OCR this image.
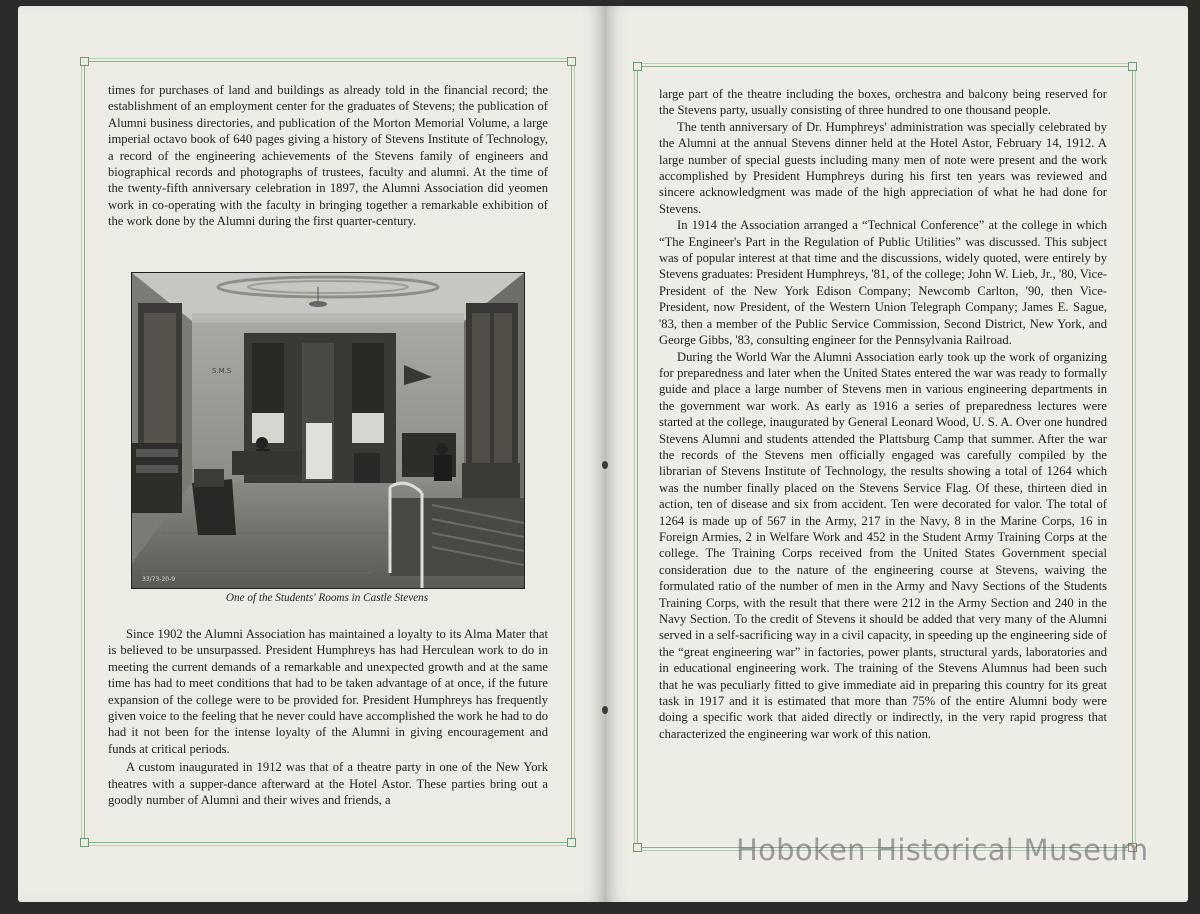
times for purchases of land and buildings as already told in the financial record; the establishment of an employment center for the graduates of Stevens; the publication of Alumni business directories, and publication of the Morton Memorial Volume, a large imperial octavo book of 640 pages giving a history of Stevens Institute of Technology, a record of the engineering achievements of the Stevens family of engineers and biographical records and photographs of trustees, faculty and alumni. At the time of the twenty-fifth anniversary celebration in 1897, the Alumni Association did yeomen work in co-operating with the faculty in bringing together a remarkable exhibition of the work done by the Alumni during the first quarter-century.

S.M.S
33/73-20-9
One of the Students' Rooms in Castle Stevens

Since 1902 the Alumni Association has maintained a loyalty to its Alma Mater that is believed to be unsurpassed. President Humphreys has had Herculean work to do in meeting the current demands of a remarkable and unexpected growth and at the same time has had to meet conditions that had to be taken advantage of at once, if the future expansion of the college were to be provided for. President Humphreys has frequently given voice to the feeling that he never could have accomplished the work he had to do had it not been for the intense loyalty of the Alumni in giving encouragement and funds at critical periods.

A custom inaugurated in 1912 was that of a theatre party in one of the New York theatres with a supper-dance afterward at the Hotel Astor. These parties bring out a goodly number of Alumni and their wives and friends, a

large part of the theatre including the boxes, orchestra and balcony being reserved for the Stevens party, usually consisting of three hundred to one thousand people.

The tenth anniversary of Dr. Humphreys' administration was specially celebrated by the Alumni at the annual Stevens dinner held at the Hotel Astor, February 14, 1912. A large number of special guests including many men of note were present and the work accomplished by President Humphreys during his first ten years was reviewed and sincere acknowledgment was made of the high appreciation of what he had done for Stevens.

In 1914 the Association arranged a “Technical Conference” at the college in which “The Engineer's Part in the Regulation of Public Utilities” was discussed. This subject was of popular interest at that time and the discussions, widely quoted, were entirely by Stevens graduates: President Humphreys, '81, of the college; John W. Lieb, Jr., '80, Vice-President of the New York Edison Company; Newcomb Carlton, '90, then Vice-President, now President, of the Western Union Telegraph Company; James E. Sague, '83, then a member of the Public Service Commission, Second District, New York, and George Gibbs, '83, consulting engineer for the Pennsylvania Railroad.

During the World War the Alumni Association early took up the work of organizing for preparedness and later when the United States entered the war was ready to formally guide and place a large number of Stevens men in various engineering departments in the government war work. As early as 1916 a series of preparedness lectures were started at the college, inaugurated by General Leonard Wood, U. S. A. Over one hundred Stevens Alumni and students attended the Plattsburg Camp that summer. After the war the records of the Stevens men officially engaged was carefully compiled by the librarian of Stevens Institute of Technology, the results showing a total of 1264 which was the number finally placed on the Stevens Service Flag. Of these, thirteen died in action, ten of disease and six from accident. Ten were decorated for valor. The total of 1264 is made up of 567 in the Army, 217 in the Navy, 8 in the Marine Corps, 16 in Foreign Armies, 2 in Welfare Work and 452 in the Student Army Training Corps at the college. The Training Corps received from the United States Government special consideration due to the nature of the engineering course at Stevens, waiving the formulated ratio of the number of men in the Army and Navy Sections of the Students Training Corps, with the result that there were 212 in the Army Section and 240 in the Navy Section. To the credit of Stevens it should be added that very many of the Alumni served in a self-sacrificing way in a civil capacity, in speeding up the engineering side of the “great engineering war” in factories, power plants, structural yards, laboratories and in educational engineering work. The training of the Stevens Alumnus had been such that he was peculiarly fitted to give immediate aid in preparing this country for its great task in 1917 and it is estimated that more than 75% of the entire Alumni body were doing a specific work that aided directly or indirectly, in the very rapid progress that characterized the engineering war work of this nation.

Hoboken Historical Museum
